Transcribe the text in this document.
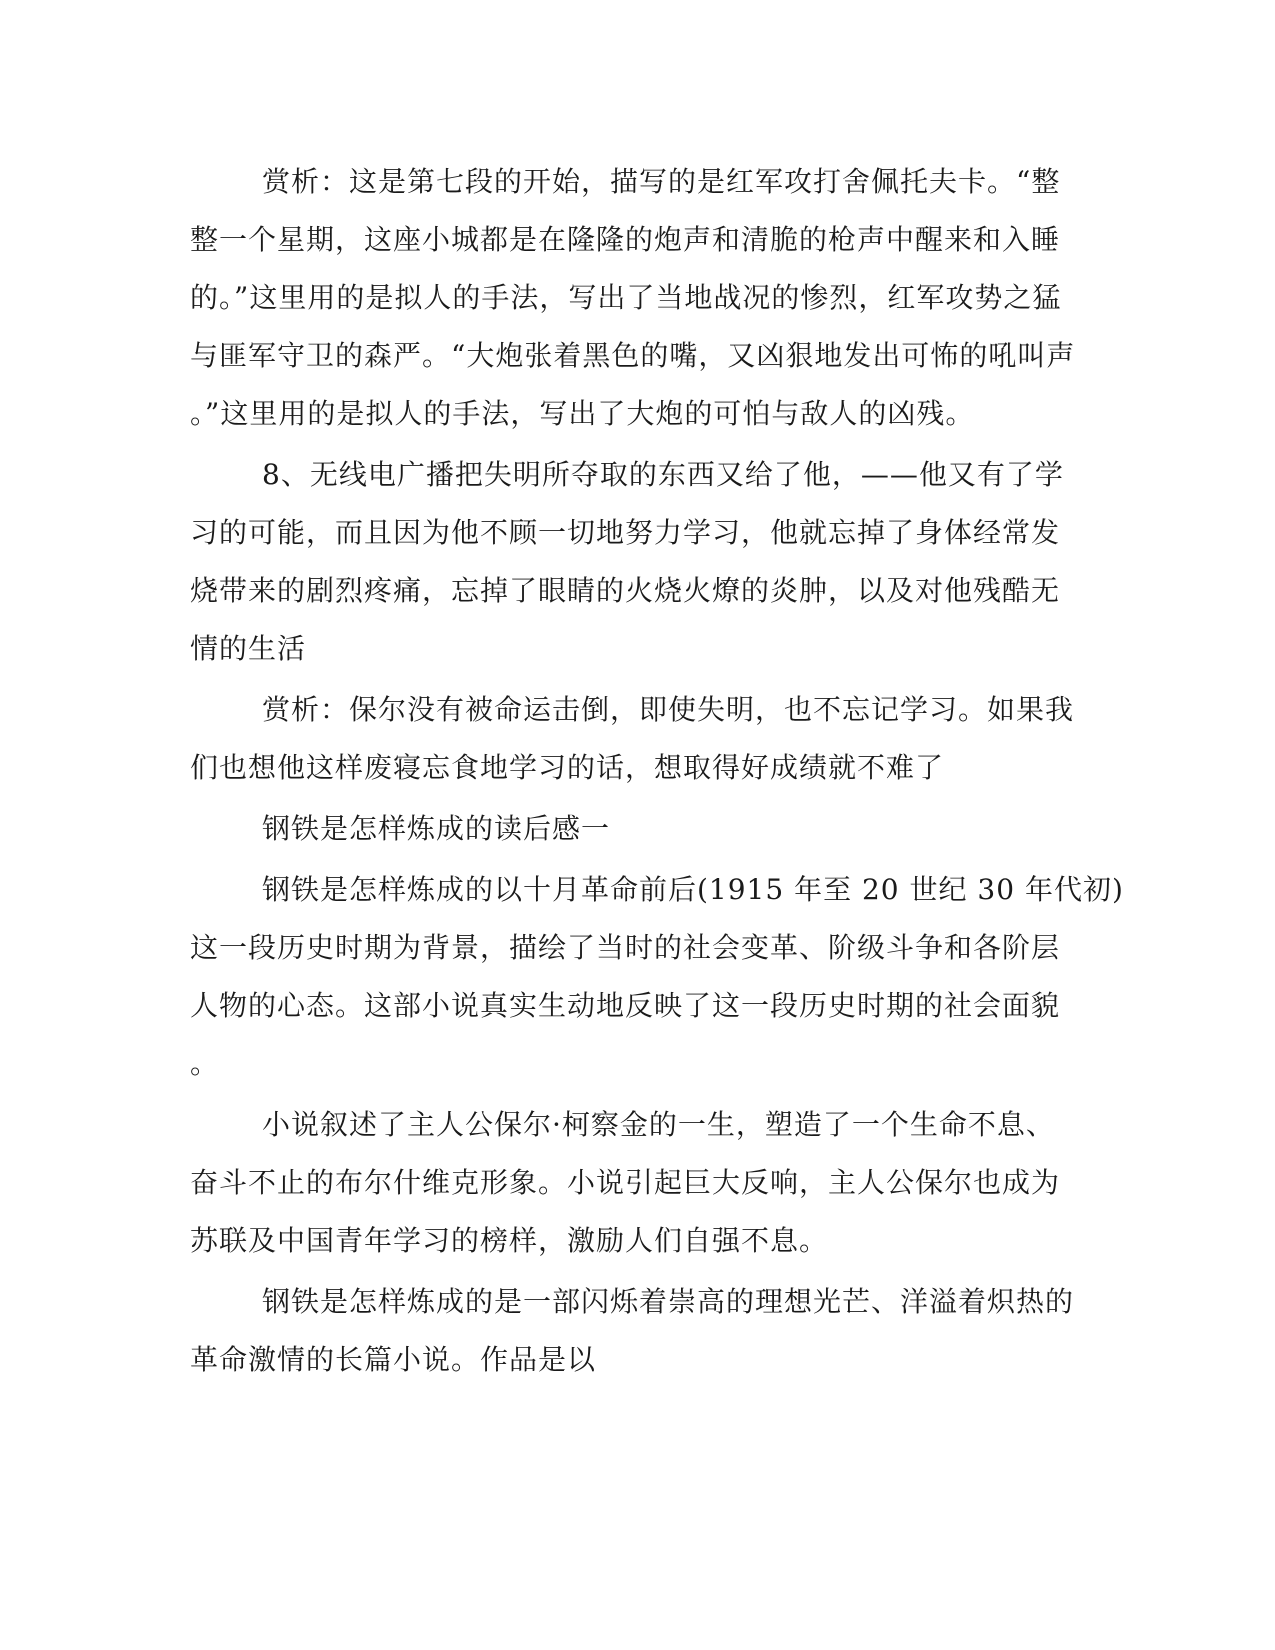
赏析：这是第七段的开始，描写的是红军攻打舍佩托夫卡。“整

整一个星期，这座小城都是在隆隆的炮声和清脆的枪声中醒来和入睡

的。”这里用的是拟人的手法，写出了当地战况的惨烈，红军攻势之猛

与匪军守卫的森严。“大炮张着黑色的嘴，又凶狠地发出可怖的吼叫声

。”这里用的是拟人的手法，写出了大炮的可怕与敌人的凶残。

8、无线电广播把失明所夺取的东西又给了他，——他又有了学

习的可能，而且因为他不顾一切地努力学习，他就忘掉了身体经常发

烧带来的剧烈疼痛，忘掉了眼睛的火烧火燎的炎肿，以及对他残酷无

情的生活

赏析：保尔没有被命运击倒，即使失明，也不忘记学习。如果我

们也想他这样废寝忘食地学习的话，想取得好成绩就不难了

钢铁是怎样炼成的读后感一

钢铁是怎样炼成的以十月革命前后(1915 年至 20 世纪 30 年代初)

这一段历史时期为背景，描绘了当时的社会变革、阶级斗争和各阶层

人物的心态。这部小说真实生动地反映了这一段历史时期的社会面貌

。

小说叙述了主人公保尔·柯察金的一生，塑造了一个生命不息、

奋斗不止的布尔什维克形象。小说引起巨大反响，主人公保尔也成为

苏联及中国青年学习的榜样，激励人们自强不息。

钢铁是怎样炼成的是一部闪烁着崇高的理想光芒、洋溢着炽热的

革命激情的长篇小说。作品是以
